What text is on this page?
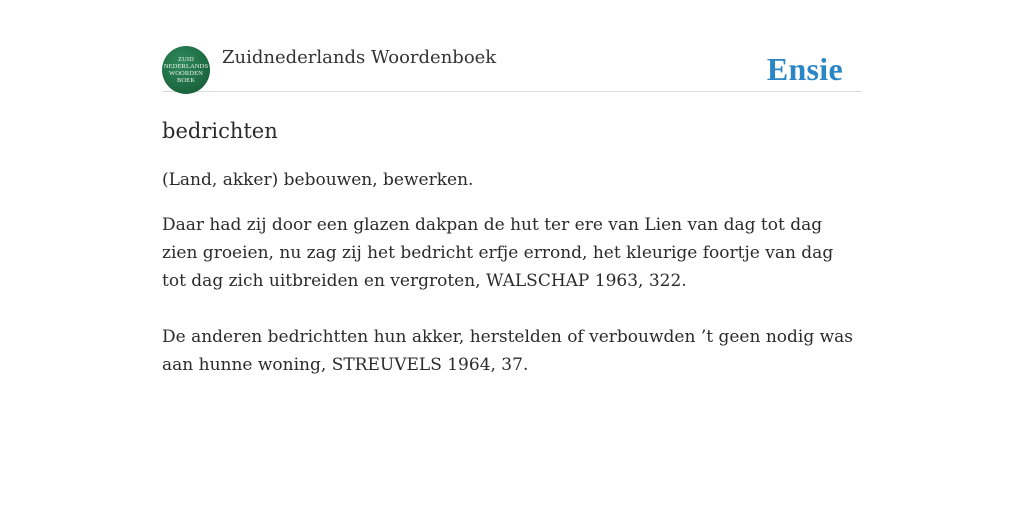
ZUID
NEDERLANDS
WOORDEN
BOEK
Zuidnederlands Woordenboek	Ensie
bedrichten

(Land, akker) bebouwen, bewerken.

Daar had zij door een glazen dakpan de hut ter ere van Lien van dag tot dag zien groeien, nu zag zij het bedricht erfje errond, het kleurige foortje van dag tot dag zich uitbreiden en vergroten, WALSCHAP 1963, 322.

De anderen bedrichtten hun akker, herstelden of verbouwden ’t geen nodig was aan hunne woning, STREUVELS 1964, 37.
